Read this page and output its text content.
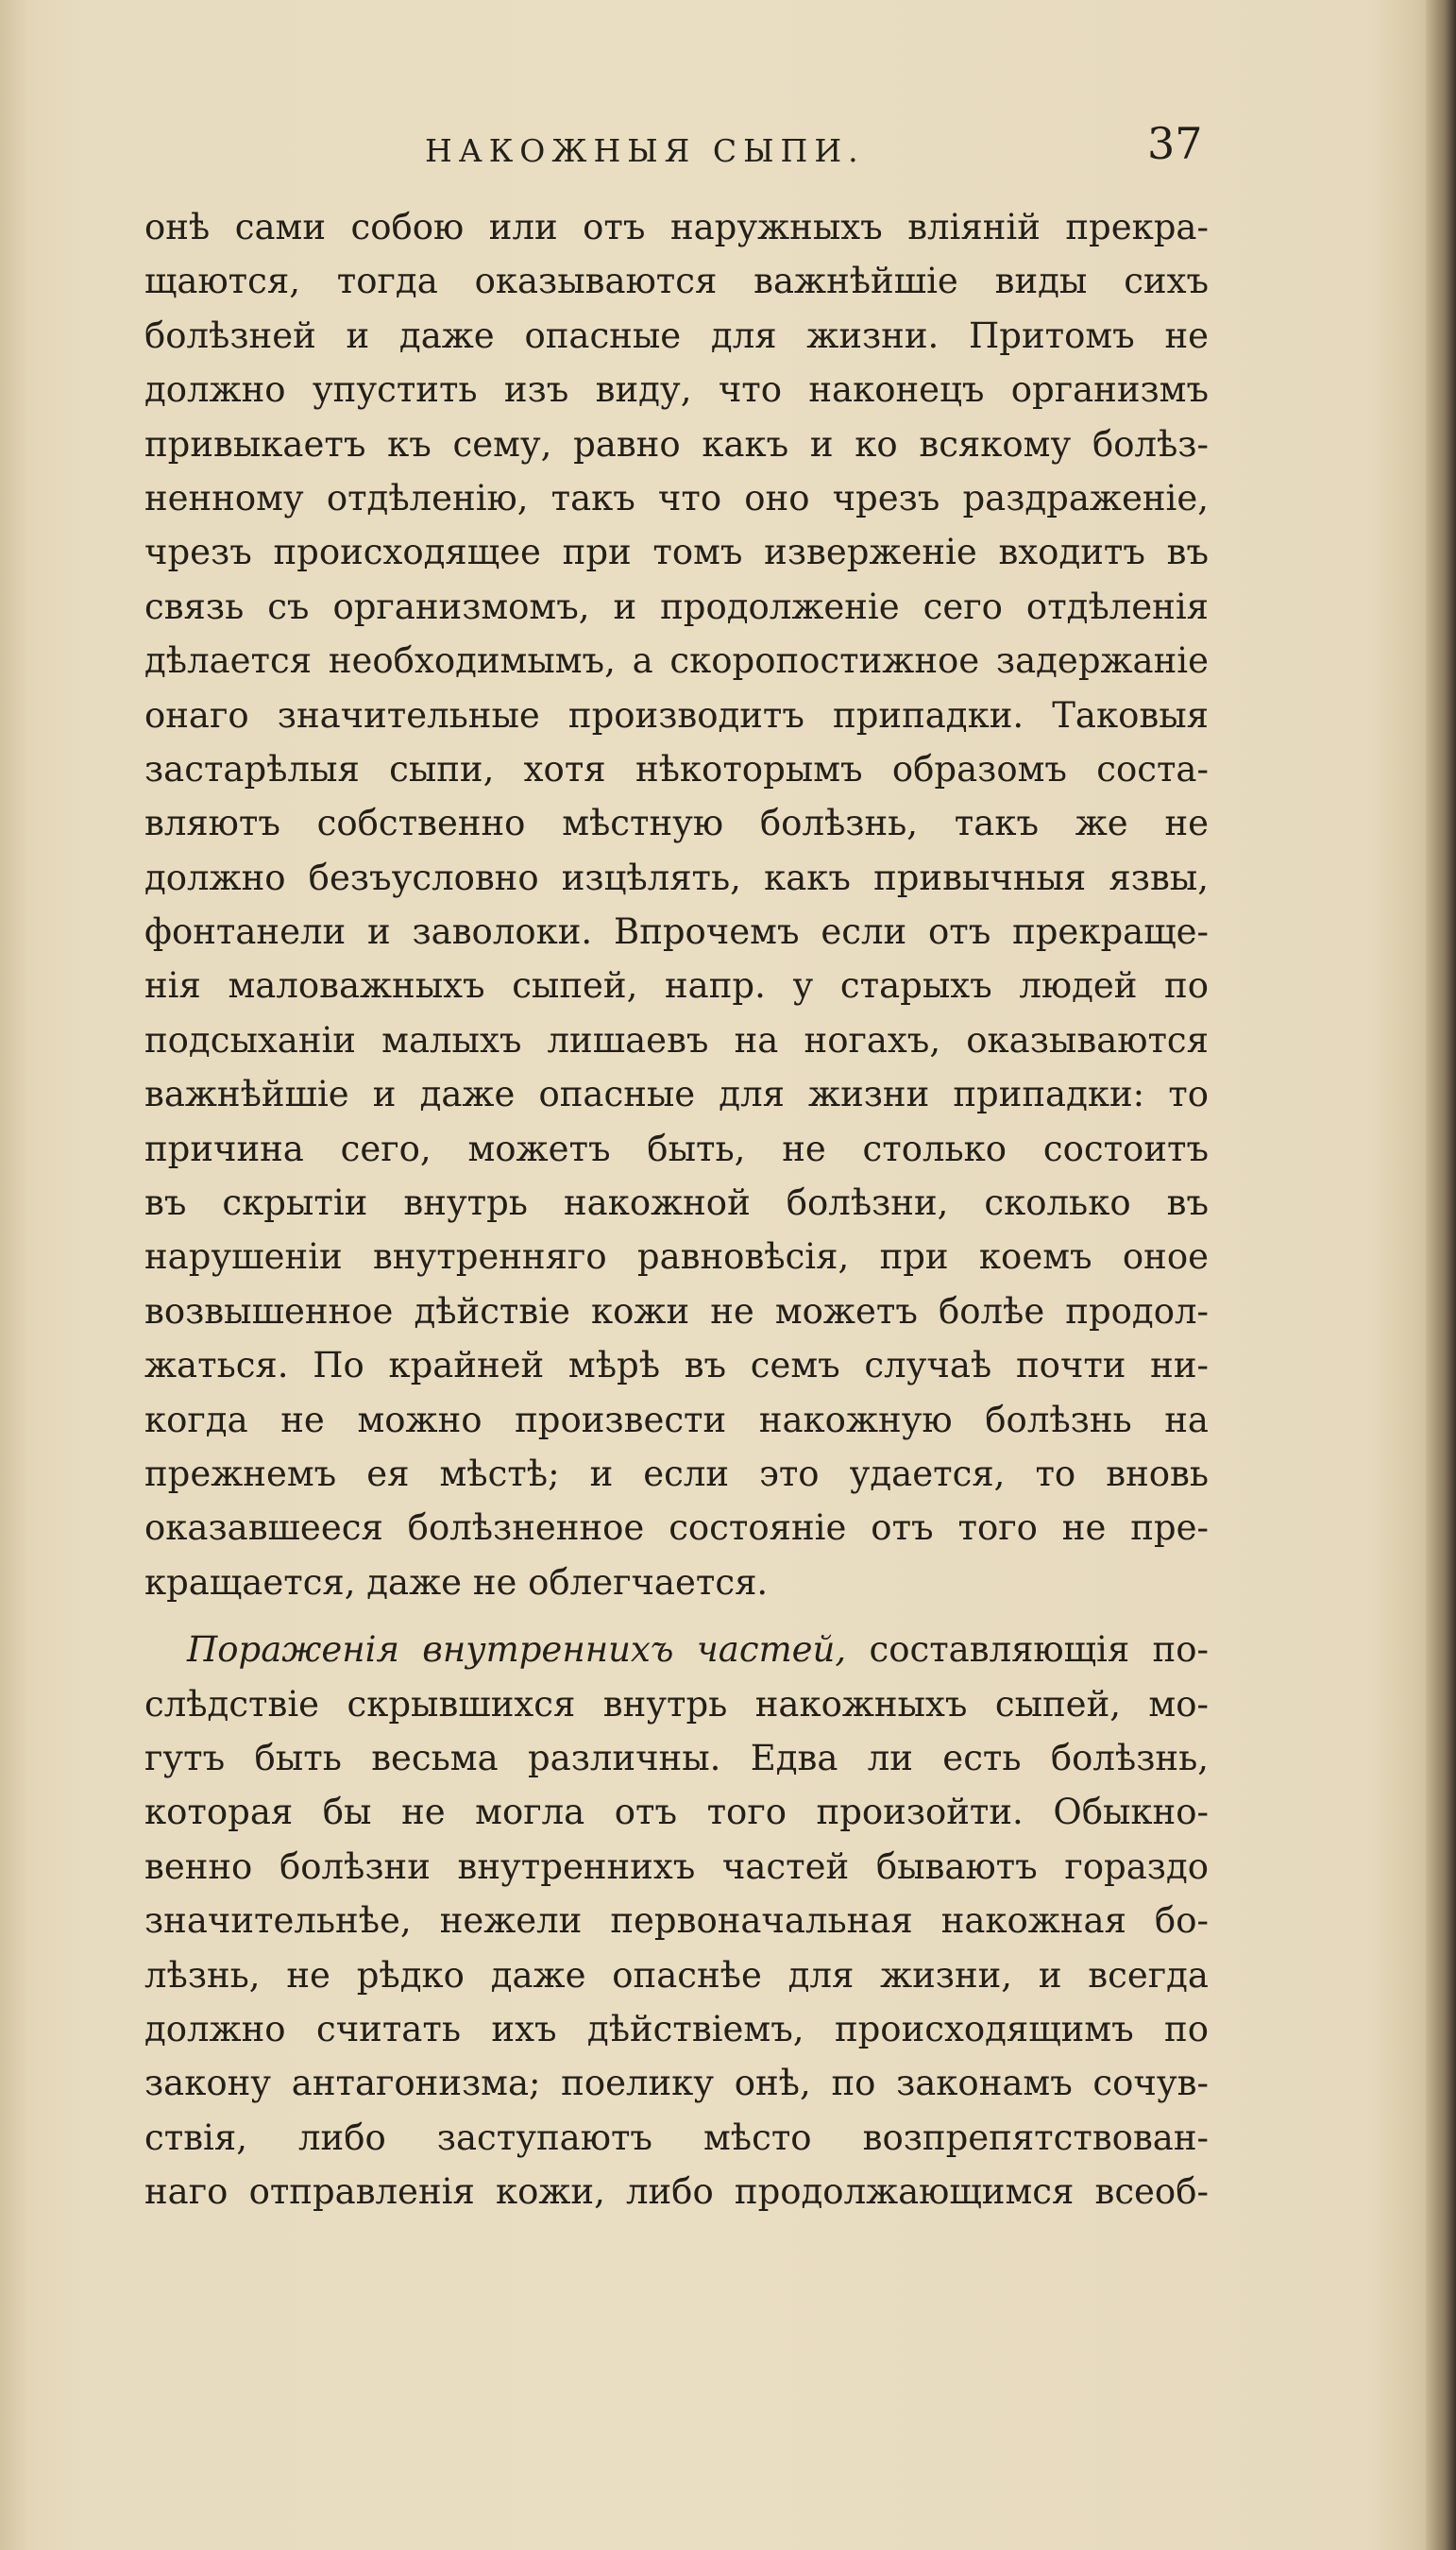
НАКОЖНЫЯ СЫПИ.	37
онѣ сами собою или отъ наружныхъ влiянiй прекра-
щаются, тогда оказываются важнѣйшiе виды сихъ
болѣзней и даже опасные для жизни. Притомъ не
должно упустить изъ виду, что наконецъ организмъ
привыкаетъ къ сему, равно какъ и ко всякому болѣз-
ненному отдѣленiю, такъ что оно чрезъ раздраженiе,
чрезъ происходящее при томъ изверженiе входитъ въ
связь съ организмомъ, и продолженiе сего отдѣленiя
дѣлается необходимымъ, а скоропостижное задержанiе
онаго значительные производитъ припадки. Таковыя
застарѣлыя сыпи, хотя нѣкоторымъ образомъ соста-
вляютъ собственно мѣстную болѣзнь, такъ же не
должно безъусловно изцѣлять, какъ привычныя язвы,
фонтанели и заволоки. Впрочемъ если отъ прекраще-
нiя маловажныхъ сыпей, напр. у старыхъ людей по
подсыханiи малыхъ лишаевъ на ногахъ, оказываются
важнѣйшiе и даже опасные для жизни припадки: то
причина сего, можетъ быть, не столько состоитъ
въ скрытiи внутрь накожной болѣзни, сколько въ
нарушенiи внутренняго равновѣсiя, при коемъ оное
возвышенное дѣйствiе кожи не можетъ болѣе продол-
жаться. По крайней мѣрѣ въ семъ случаѣ почти ни-
когда не можно произвести накожную болѣзнь на
прежнемъ ея мѣстѣ; и если это удается, то вновь
оказавшееся болѣзненное состоянiе отъ того не пре-
кращается, даже не облегчается.
Пораженiя внутреннихъ частей, составляющiя по-
слѣдствiе скрывшихся внутрь накожныхъ сыпей, мо-
гутъ быть весьма различны. Едва ли есть болѣзнь,
которая бы не могла отъ того произойти. Обыкно-
венно болѣзни внутреннихъ частей бываютъ гораздо
значительнѣе, нежели первоначальная накожная бо-
лѣзнь, не рѣдко даже опаснѣе для жизни, и всегда
должно считать ихъ дѣйствiемъ, происходящимъ по
закону антагонизма; поелику онѣ, по законамъ сочув-
ствiя, либо заступаютъ мѣсто возпрепятствован-
наго отправленiя кожи, либо продолжающимся всеоб-
